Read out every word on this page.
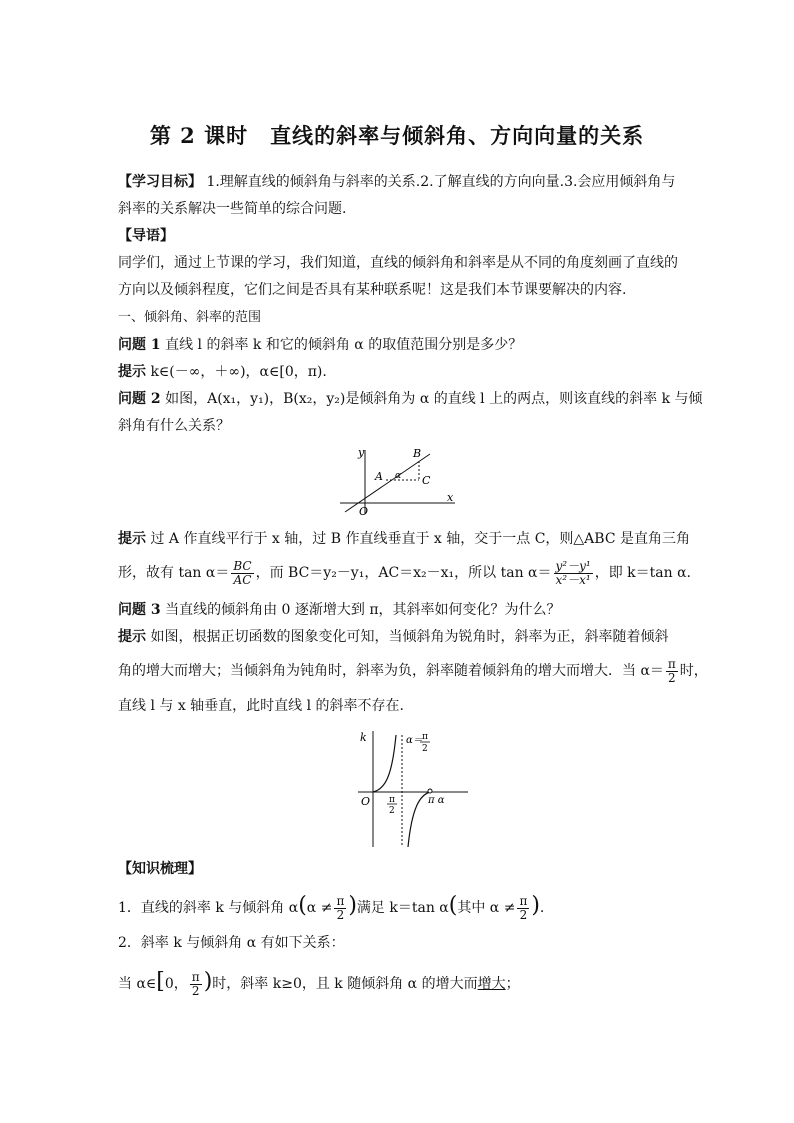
第 2 课时　直线的斜率与倾斜角、方向向量的关系
【学习目标】 1.理解直线的倾斜角与斜率的关系.2.了解直线的方向向量.3.会应用倾斜角与
斜率的关系解决一些简单的综合问题.
【导语】
同学们，通过上节课的学习，我们知道，直线的倾斜角和斜率是从不同的角度刻画了直线的
方向以及倾斜程度，它们之间是否具有某种联系呢！这是我们本节课要解决的内容.
一、倾斜角、斜率的范围
问题 1 直线 l 的斜率 k 和它的倾斜角 α 的取值范围分别是多少？
提示 k∈(－∞，＋∞)，α∈[0，π).
问题 2 如图，A(x₁，y₁)，B(x₂，y₂)是倾斜角为 α 的直线 l 上的两点，则该直线的斜率 k 与倾
斜角有什么关系？
y
x
O
A
B
C
α
提示 过 A 作直线平行于 x 轴，过 B 作直线垂直于 x 轴，交于一点 C，则△ABC 是直角三角
形，故有 $\tan \alpha= \frac{BC}{AC}$ ，而 BC＝y₂－y₁，AC＝x₂－x₁，所以 $\tan \alpha= \frac{\text{y²－y¹}}{\text{x²－x¹}}$ ，即 k＝tan α.
问题 3 当直线的倾斜角由 0 逐渐增大到 π，其斜率如何变化？为什么？
提示 如图，根据正切函数的图象变化可知，当倾斜角为锐角时，斜率为正，斜率随着倾斜
角的增大而增大；当倾斜角为钝角时，斜率为负，斜率随着倾斜角的增大而增大．当 $\alpha= \frac{\pi}{2}$ 时，
直线 l 与 x 轴垂直，此时直线 l 的斜率不存在.
k
O
α＝ π
2
π
2
π α
【知识梳理】
1．直线的斜率 k 与倾斜角 $\alpha(\alpha \ne \frac{\pi}{2}$ )满足 k＝tan α(其中 $\alpha \ne \frac{\pi}{2}$ ).
2．斜率 k 与倾斜角 α 有如下关系：
当 α∈[0， $\frac{\pi}{2}$ )时，斜率 k≥0，且 k 随倾斜角 α 的增大而增大；
